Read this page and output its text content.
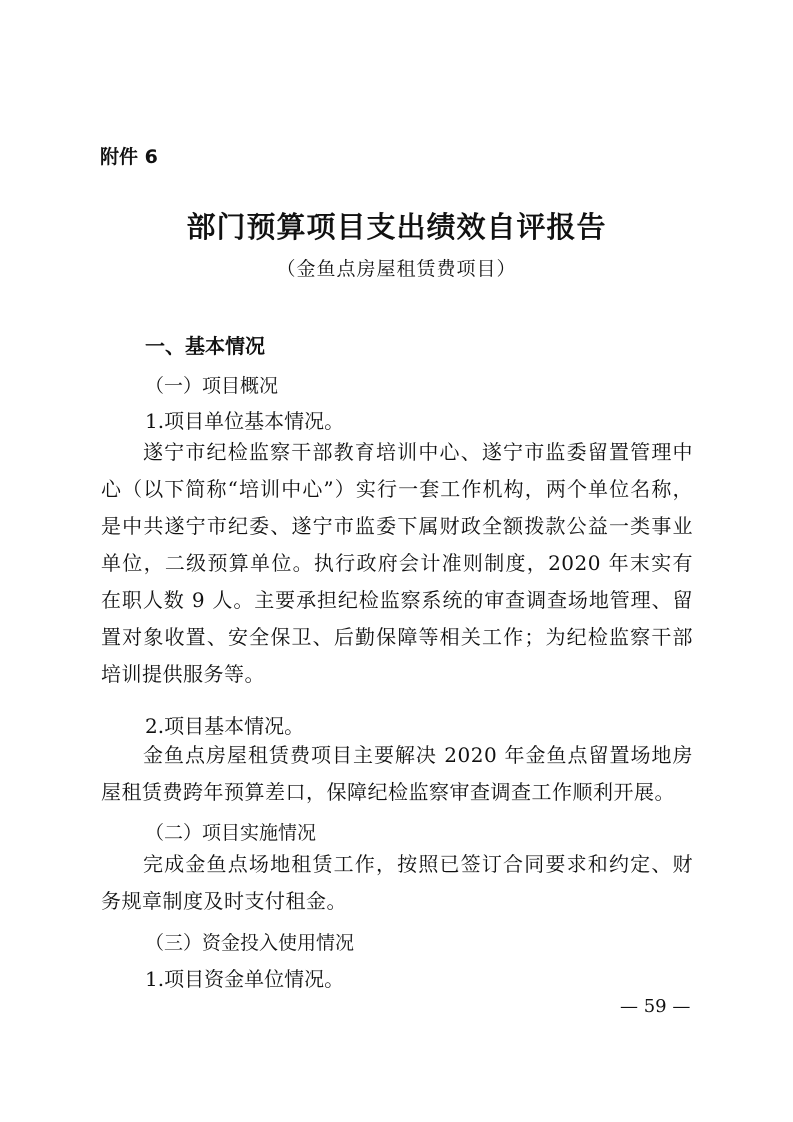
附件 6
部门预算项目支出绩效自评报告
（金鱼点房屋租赁费项目）
一、基本情况
（一）项目概况
1.项目单位基本情况。
遂宁市纪检监察干部教育培训中心、遂宁市监委留置管理中心（以下简称“培训中心”）实行一套工作机构，两个单位名称，是中共遂宁市纪委、遂宁市监委下属财政全额拨款公益一类事业单位，二级预算单位。执行政府会计准则制度，2020 年末实有在职人数 9 人。主要承担纪检监察系统的审查调查场地管理、留置对象收置、安全保卫、后勤保障等相关工作；为纪检监察干部培训提供服务等。
2.项目基本情况。
金鱼点房屋租赁费项目主要解决 2020 年金鱼点留置场地房屋租赁费跨年预算差口，保障纪检监察审查调查工作顺利开展。
（二）项目实施情况
完成金鱼点场地租赁工作，按照已签订合同要求和约定、财务规章制度及时支付租金。
（三）资金投入使用情况
1.项目资金单位情况。
— 59 —
